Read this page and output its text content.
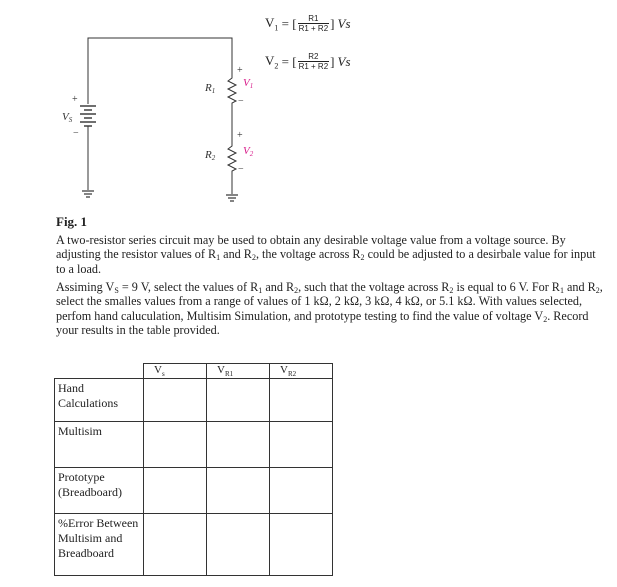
$V_1$ = [ $\frac{R1}{R1 + R2}$ ] Vs
$V_2$ = [ $\frac{R2}{R1 + R2}$ ] Vs
VS
+
−
R1
R2
+
V1
−
+
V2
−
Fig. 1
A two-resistor series circuit may be used to obtain any desirable voltage value from a voltage source. By adjusting the resistor values of $R_1$ and $R_2$, the voltage across $R_2$ could be adjusted to a desirbale value for input to a load.
Assiming $V_S = 9$ V, select the values of $R_1$ and $R_2$, such that the voltage across $R_2$ is equal to 6 V. For $R_1$ and $R_2$, select the smalles values from a range of values of 1 kΩ, 2 kΩ, 3 kΩ, 4 kΩ, or 5.1 kΩ. With values selected, perfom hand caluculation, Multisim Simulation, and prototype testing to find the value of voltage $V_2$. Record your results in the table provided.
	$V_s$	$V_{R1}$	$V_{R2}$
Hand Calculations			
Multisim			
Prototype (Breadboard)			
%Error Between Multisim and Breadboard			
